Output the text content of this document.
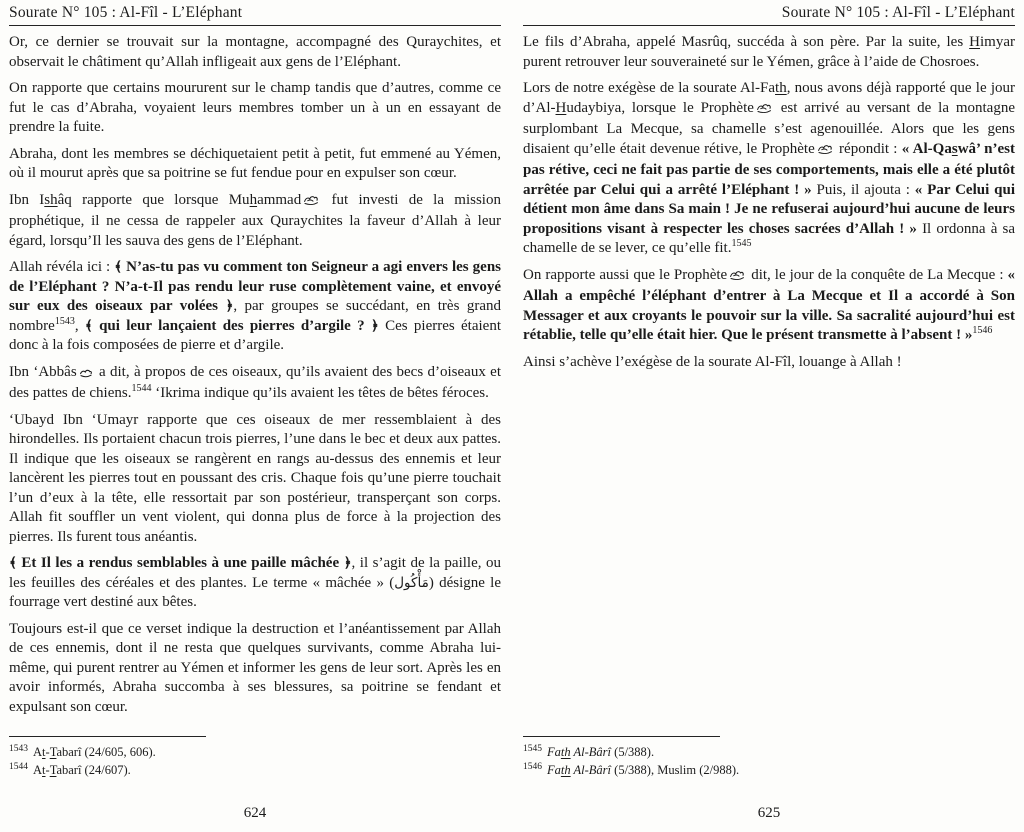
Sourate N° 105 : Al-Fîl - L’Eléphant

Or, ce dernier se trouvait sur la montagne, accompagné des Quraychites, et observait le châtiment qu’Allah infligeait aux gens de l’Eléphant.

On rapporte que certains moururent sur le champ tandis que d’autres, comme ce fut le cas d’Abraha, voyaient leurs membres tomber un à un en essayant de prendre la fuite.

Abraha, dont les membres se déchiquetaient petit à petit, fut emmené au Yémen, où il mourut après que sa poitrine se fut fendue pour en expulser son cœur.

Ibn Ishâq rapporte que lorsque Muhammad fut investi de la mission prophétique, il ne cessa de rappeler aux Quraychites la faveur d’Allah à leur égard, lorsqu’Il les sauva des gens de l’Eléphant.

Allah révéla ici : ﴾ N’as-tu pas vu comment ton Seigneur a agi envers les gens de l’Eléphant ? N’a-t-Il pas rendu leur ruse complètement vaine, et envoyé sur eux des oiseaux par volées ﴿, par groupes se succédant, en très grand nombre$^{1543}$, ﴾ qui leur lançaient des pierres d’argile ? ﴿ Ces pierres étaient donc à la fois composées de pierre et d’argile.

Ibn ‘Abbâs a dit, à propos de ces oiseaux, qu’ils avaient des becs d’oiseaux et des pattes de chiens.$^{1544}$ ‘Ikrima indique qu’ils avaient les têtes de bêtes féroces.

‘Ubayd Ibn ‘Umayr rapporte que ces oiseaux de mer ressemblaient à des hirondelles. Ils portaient chacun trois pierres, l’une dans le bec et deux aux pattes. Il indique que les oiseaux se rangèrent en rangs au-dessus des ennemis et leur lancèrent les pierres tout en poussant des cris. Chaque fois qu’une pierre touchait l’un d’eux à la tête, elle ressortait par son postérieur, transperçant son corps. Allah fit souffler un vent violent, qui donna plus de force à la projection des pierres. Ils furent tous anéantis.

﴾ Et Il les a rendus semblables à une paille mâchée ﴿, il s’agit de la paille, ou les feuilles des céréales et des plantes. Le terme « mâchée » (مَأْكُول) désigne le fourrage vert destiné aux bêtes.

Toujours est-il que ce verset indique la destruction et l’anéantissement par Allah de ces ennemis, dont il ne resta que quelques survivants, comme Abraha lui-même, qui purent rentrer au Yémen et informer les gens de leur sort. Après les en avoir informés, Abraha succomba à ses blessures, sa poitrine se fendant et expulsant son cœur.

$^{1543}$ At-Tabarî (24/605, 606).
$^{1544}$ At-Tabarî (24/607).
624
Sourate N° 105 : Al-Fîl - L’Eléphant

Le fils d’Abraha, appelé Masrûq, succéda à son père. Par la suite, les Himyar purent retrouver leur souveraineté sur le Yémen, grâce à l’aide de Chosroes.

Lors de notre exégèse de la sourate Al-Fath, nous avons déjà rapporté que le jour d’Al-Hudaybiya, lorsque le Prophète est arrivé au versant de la montagne surplombant La Mecque, sa chamelle s’est agenouillée. Alors que les gens disaient qu’elle était devenue rétive, le Prophète répondit : « Al-Qaswâ’ n’est pas rétive, ceci ne fait pas partie de ses comportements, mais elle a été plutôt arrêtée par Celui qui a arrêté l’Eléphant ! » Puis, il ajouta : « Par Celui qui détient mon âme dans Sa main ! Je ne refuserai aujourd’hui aucune de leurs propositions visant à respecter les choses sacrées d’Allah ! » Il ordonna à sa chamelle de se lever, ce qu’elle fit.$^{1545}$

On rapporte aussi que le Prophète dit, le jour de la conquête de La Mecque : « Allah a empêché l’éléphant d’entrer à La Mecque et Il a accordé à Son Messager et aux croyants le pouvoir sur la ville. Sa sacralité aujourd’hui est rétablie, telle qu’elle était hier. Que le présent transmette à l’absent ! »$^{1546}$

Ainsi s’achève l’exégèse de la sourate Al-Fîl, louange à Allah !

$^{1545}$ Fath Al-Bârî (5/388).
$^{1546}$ Fath Al-Bârî (5/388), Muslim (2/988).
625
